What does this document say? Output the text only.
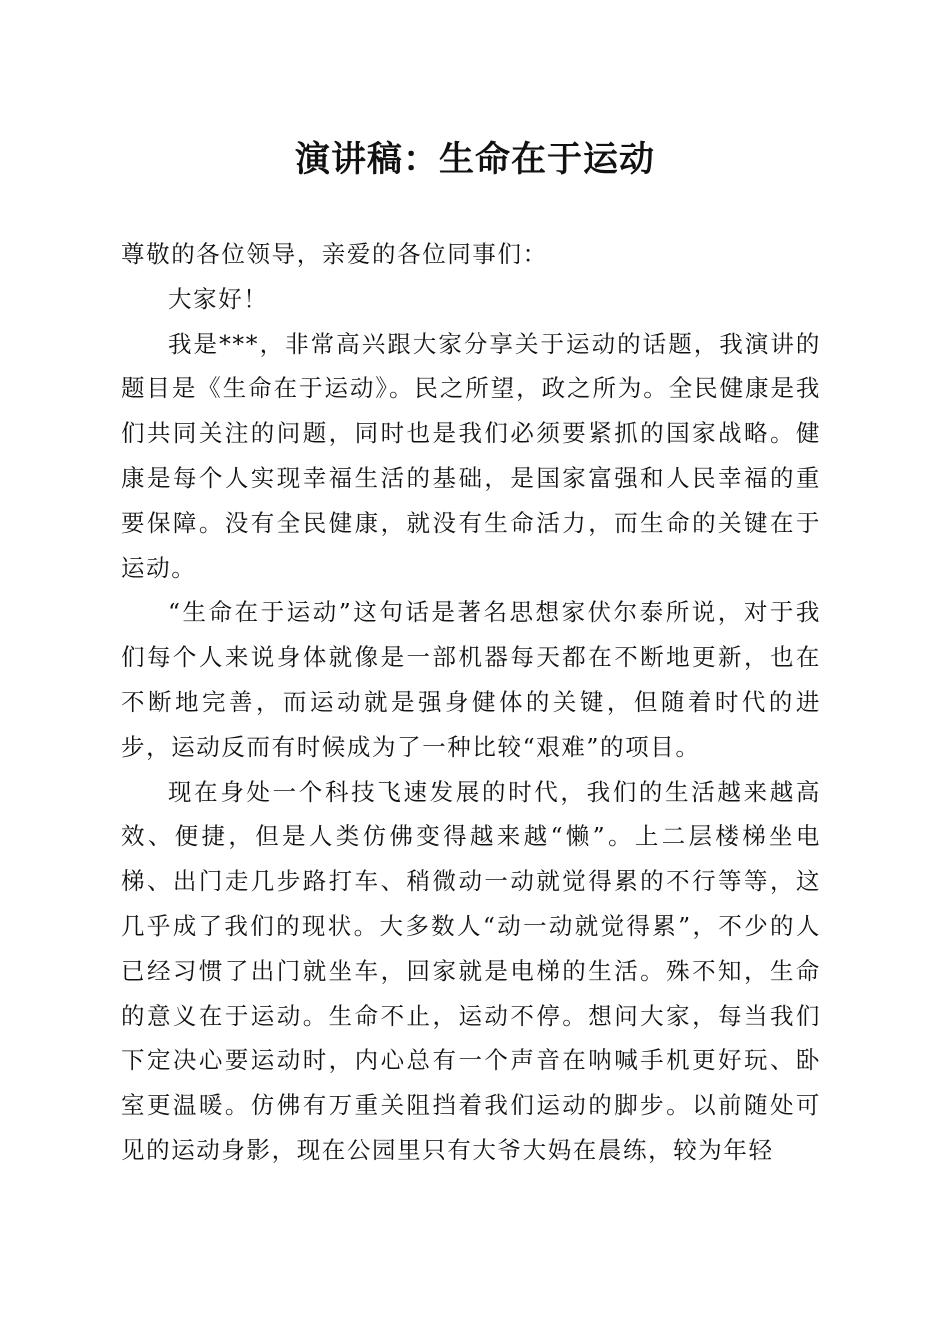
演讲稿：生命在于运动

尊敬的各位领导，亲爱的各位同事们：

大家好！

我是***，非常高兴跟大家分享关于运动的话题，我演讲的题目是《生命在于运动》。民之所望，政之所为。全民健康是我们共同关注的问题，同时也是我们必须要紧抓的国家战略。健康是每个人实现幸福生活的基础，是国家富强和人民幸福的重要保障。没有全民健康，就没有生命活力，而生命的关键在于运动。

“生命在于运动”这句话是著名思想家伏尔泰所说，对于我们每个人来说身体就像是一部机器每天都在不断地更新，也在不断地完善，而运动就是强身健体的关键，但随着时代的进步，运动反而有时候成为了一种比较“艰难”的项目。

现在身处一个科技飞速发展的时代，我们的生活越来越高效、便捷，但是人类仿佛变得越来越“懒”。上二层楼梯坐电梯、出门走几步路打车、稍微动一动就觉得累的不行等等，这几乎成了我们的现状。大多数人“动一动就觉得累”，不少的人已经习惯了出门就坐车，回家就是电梯的生活。殊不知，生命的意义在于运动。生命不止，运动不停。想问大家，每当我们下定决心要运动时，内心总有一个声音在呐喊手机更好玩、卧室更温暖。仿佛有万重关阻挡着我们运动的脚步。以前随处可见的运动身影，现在公园里只有大爷大妈在晨练，较为年轻
